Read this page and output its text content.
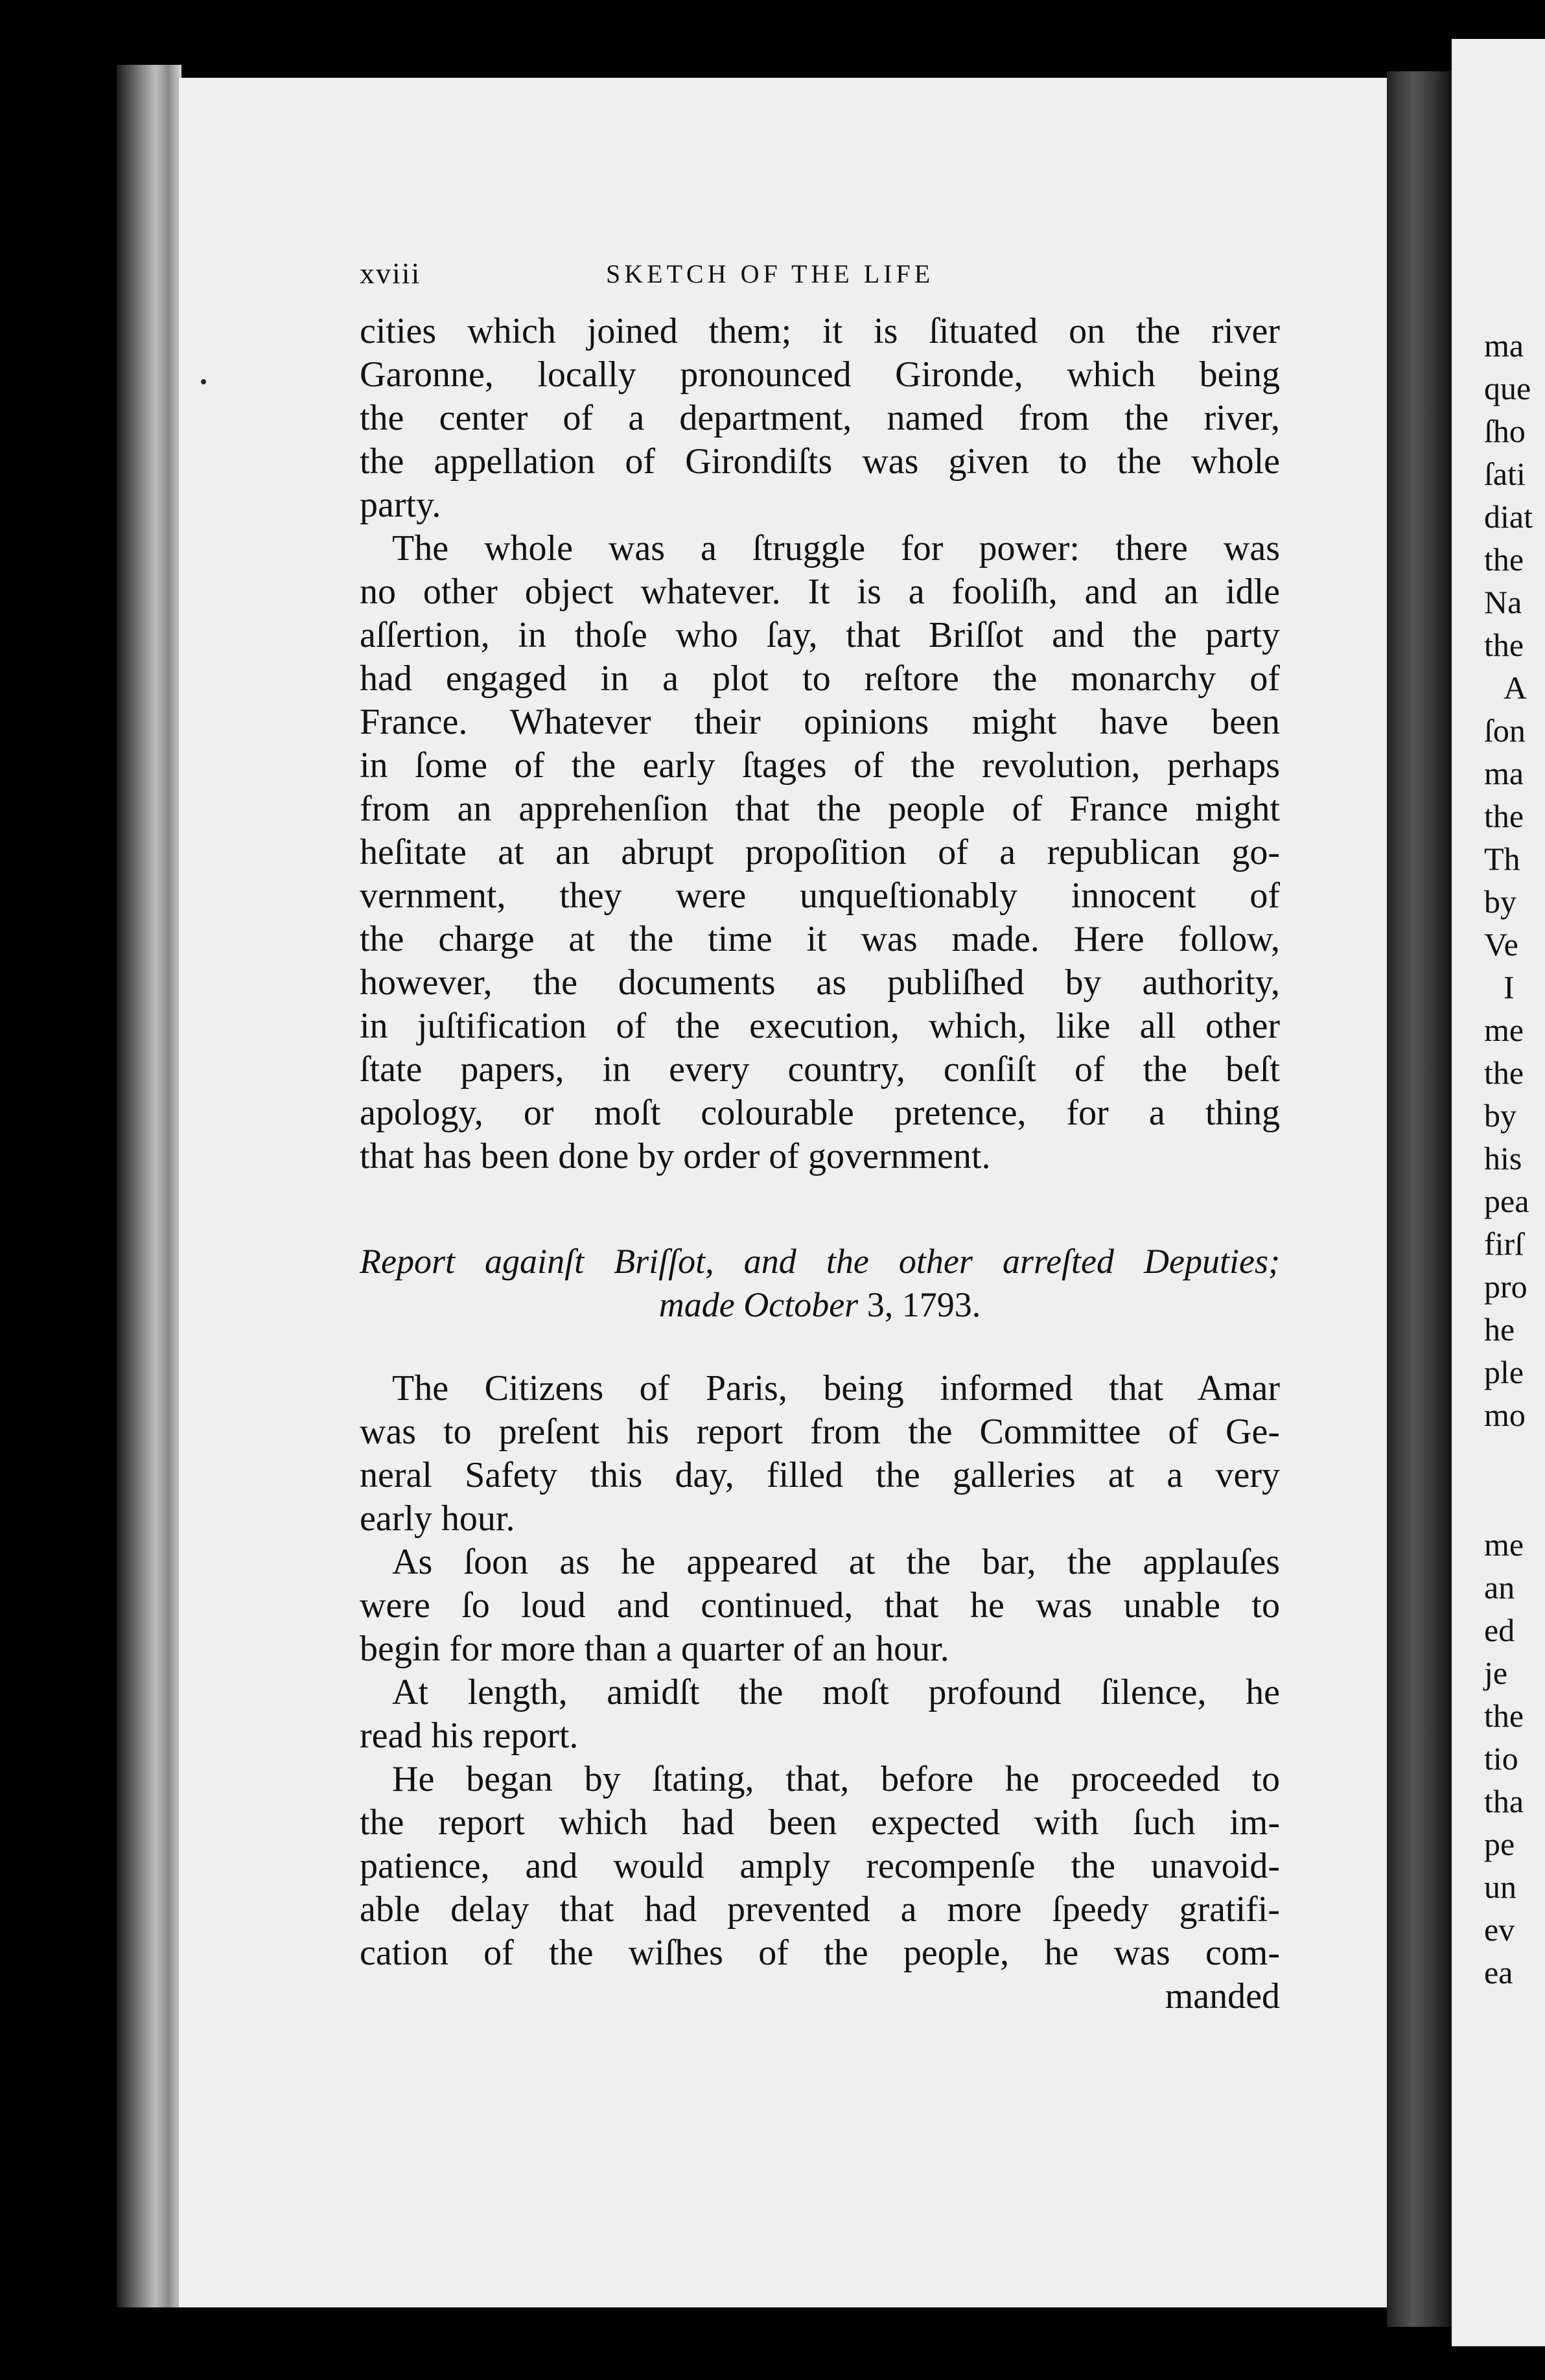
ma
que
ſho
ſati
diat
the
Na
the
A
ſon
ma
the
Th
by
Ve
I
me
the
by
his
pea
firſ
pro
he
ple
mo
me
an
ed
je
the
tio
tha
pe
un
ev
ea
xviii	SKETCH OF THE LIFE
cities which joined them; it is ſituated on the river
Garonne, locally pronounced Gironde, which being
the center of a department, named from the river,
the appellation of Girondiſts was given to the whole
party.
The whole was a ſtruggle for power: there was
no other object whatever. It is a fooliſh, and an idle
aſſertion, in thoſe who ſay, that Briſſot and the party
had engaged in a plot to reſtore the monarchy of
France. Whatever their opinions might have been
in ſome of the early ſtages of the revolution, perhaps
from an apprehenſion that the people of France might
heſitate at an abrupt propoſition of a republican go-
vernment, they were unqueſtionably innocent of
the charge at the time it was made. Here follow,
however, the documents as publiſhed by authority,
in juſtification of the execution, which, like all other
ſtate papers, in every country, conſiſt of the beſt
apology, or moſt colourable pretence, for a thing
that has been done by order of government.
Report againſt Briſſot, and the other arreſted Deputies;
made October 3, 1793.
The Citizens of Paris, being informed that Amar
was to preſent his report from the Committee of Ge-
neral Safety this day, filled the galleries at a very
early hour.
As ſoon as he appeared at the bar, the applauſes
were ſo loud and continued, that he was unable to
begin for more than a quarter of an hour.
At length, amidſt the moſt profound ſilence, he
read his report.
He began by ſtating, that, before he proceeded to
the report which had been expected with ſuch im-
patience, and would amply recompenſe the unavoid-
able delay that had prevented a more ſpeedy gratifi-
cation of the wiſhes of the people, he was com-
manded
